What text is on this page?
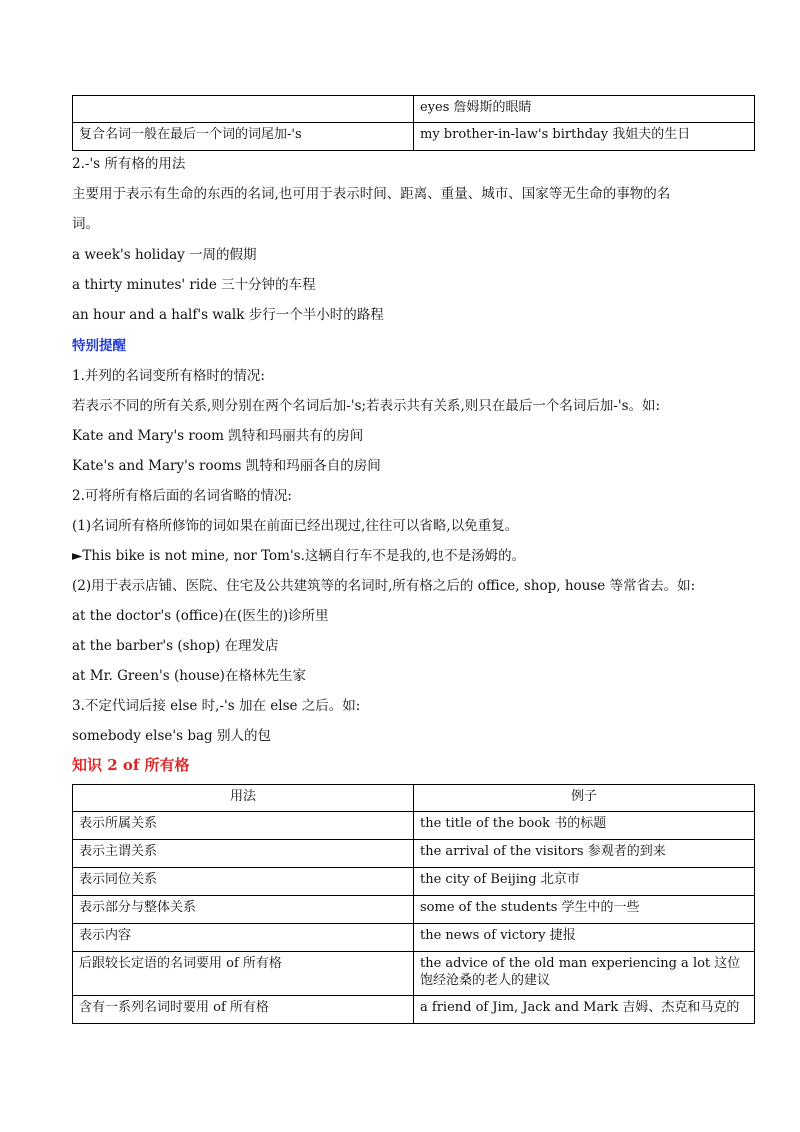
	eyes 詹姆斯的眼睛
复合名词一般在最后一个词的词尾加-'s	my brother-in-law's birthday 我姐夫的生日
2.-'s 所有格的用法
主要用于表示有生命的东西的名词,也可用于表示时间、距离、重量、城市、国家等无生命的事物的名
词。
a week's holiday 一周的假期
a thirty minutes' ride 三十分钟的车程
an hour and a half's walk 步行一个半小时的路程
特别提醒
1.并列的名词变所有格时的情况:
若表示不同的所有关系,则分别在两个名词后加-'s;若表示共有关系,则只在最后一个名词后加-'s。如:
Kate and Mary's room 凯特和玛丽共有的房间
Kate's and Mary's rooms 凯特和玛丽各自的房间
2.可将所有格后面的名词省略的情况:
(1)名词所有格所修饰的词如果在前面已经出现过,往往可以省略,以免重复。
►This bike is not mine, nor Tom's.这辆自行车不是我的,也不是汤姆的。
(2)用于表示店铺、医院、住宅及公共建筑等的名词时,所有格之后的 office, shop, house 等常省去。如:
at the doctor's (office)在(医生的)诊所里
at the barber's (shop) 在理发店
at Mr. Green's (house)在格林先生家
3.不定代词后接 else 时,-'s 加在 else 之后。如:
somebody else's bag 别人的包
知识 2 of 所有格
用法	例子
表示所属关系	the title of the book 书的标题
表示主谓关系	the arrival of the visitors 参观者的到来
表示同位关系	the city of Beijing 北京市
表示部分与整体关系	some of the students 学生中的一些
表示内容	the news of victory 捷报
后跟较长定语的名词要用 of 所有格	the advice of the old man experiencing a lot 这位饱经沧桑的老人的建议
含有一系列名词时要用 of 所有格	a friend of Jim, Jack and Mark 吉姆、杰克和马克的
